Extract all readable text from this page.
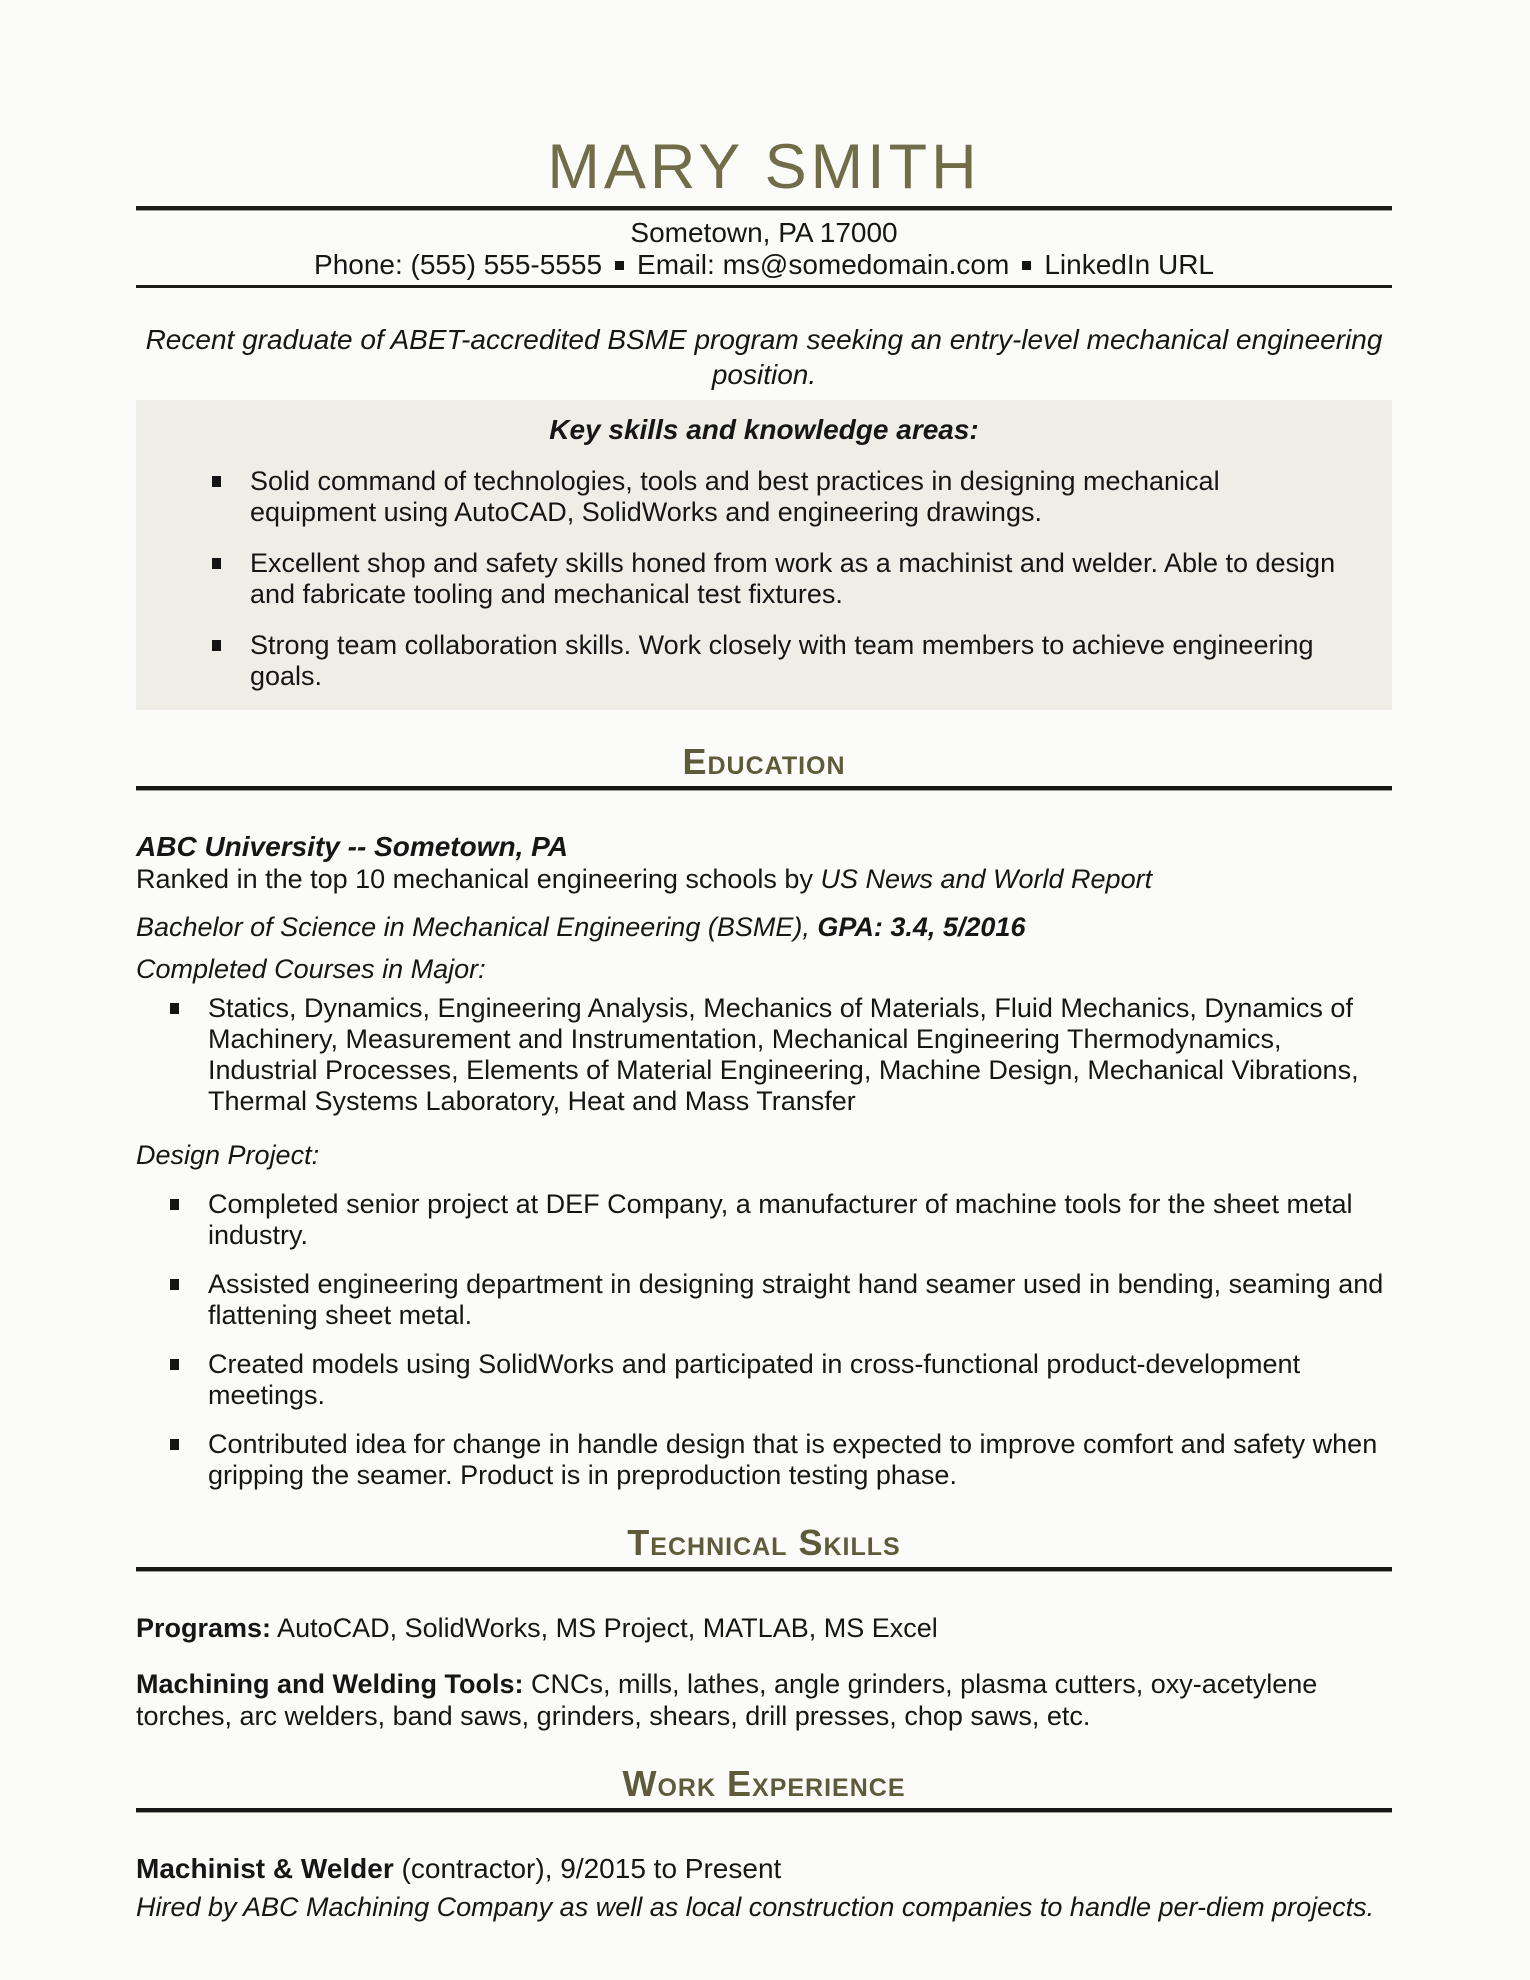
MARY SMITH
Sometown, PA 17000
Phone: (555) 555-5555 Email: ms@somedomain.com LinkedIn URL
Recent graduate of ABET-accredited BSME program seeking an entry-level mechanical engineering position.
Key skills and knowledge areas:
Solid command of technologies, tools and best practices in designing mechanical equipment using AutoCAD, SolidWorks and engineering drawings.
Excellent shop and safety skills honed from work as a machinist and welder. Able to design and fabricate tooling and mechanical test fixtures.
Strong team collaboration skills. Work closely with team members to achieve engineering goals.
Education
ABC University -- Sometown, PA
Ranked in the top 10 mechanical engineering schools by US News and World Report
Bachelor of Science in Mechanical Engineering (BSME), GPA: 3.4, 5/2016
Completed Courses in Major:
Statics, Dynamics, Engineering Analysis, Mechanics of Materials, Fluid Mechanics, Dynamics of Machinery, Measurement and Instrumentation, Mechanical Engineering Thermodynamics, Industrial Processes, Elements of Material Engineering, Machine Design, Mechanical Vibrations, Thermal Systems Laboratory, Heat and Mass Transfer
Design Project:
Completed senior project at DEF Company, a manufacturer of machine tools for the sheet metal industry.
Assisted engineering department in designing straight hand seamer used in bending, seaming and flattening sheet metal.
Created models using SolidWorks and participated in cross-functional product-development meetings.
Contributed idea for change in handle design that is expected to improve comfort and safety when gripping the seamer. Product is in preproduction testing phase.
Technical Skills
Programs: AutoCAD, SolidWorks, MS Project, MATLAB, MS Excel
Machining and Welding Tools: CNCs, mills, lathes, angle grinders, plasma cutters, oxy-acetylene torches, arc welders, band saws, grinders, shears, drill presses, chop saws, etc.
Work Experience
Machinist & Welder (contractor), 9/2015 to Present
Hired by ABC Machining Company as well as local construction companies to handle per-diem projects.
